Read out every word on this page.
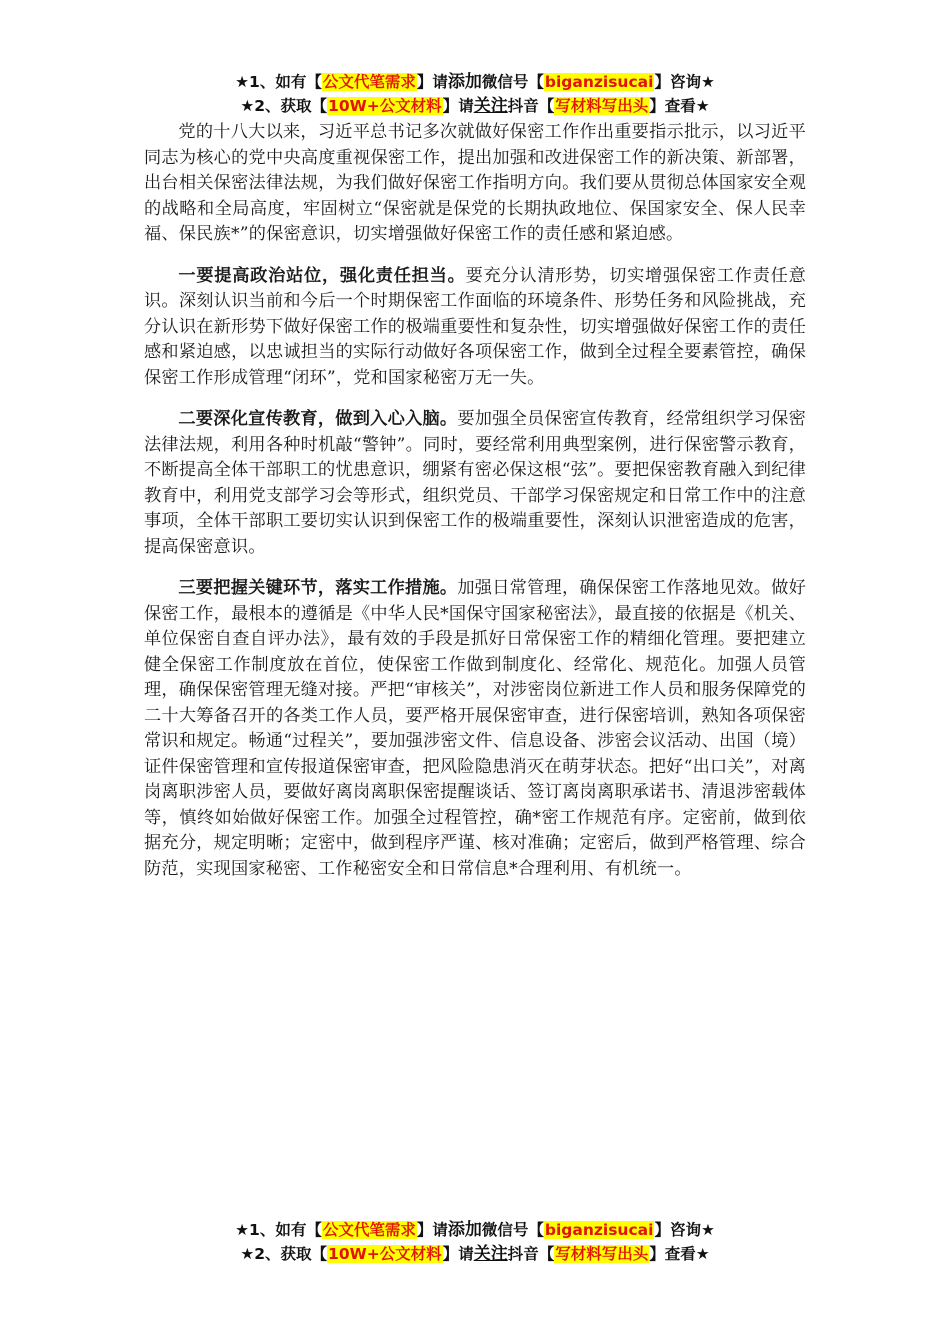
★1、如有【公文代笔需求】请添加微信号【biganzisucai】咨询★
★2、获取【10W+公文材料】请关注抖音【写材料写出头】查看★

党的十八大以来，习近平总书记多次就做好保密工作作出重要指示批示，以习近平同志为核心的党中央高度重视保密工作，提出加强和改进保密工作的新决策、新部署，出台相关保密法律法规，为我们做好保密工作指明方向。我们要从贯彻总体国家安全观的战略和全局高度，牢固树立“保密就是保党的长期执政地位、保国家安全、保人民幸福、保民族*”的保密意识，切实增强做好保密工作的责任感和紧迫感。

一要提高政治站位，强化责任担当。要充分认清形势，切实增强保密工作责任意识。深刻认识当前和今后一个时期保密工作面临的环境条件、形势任务和风险挑战，充分认识在新形势下做好保密工作的极端重要性和复杂性，切实增强做好保密工作的责任感和紧迫感，以忠诚担当的实际行动做好各项保密工作，做到全过程全要素管控，确保保密工作形成管理“闭环”，党和国家秘密万无一失。

二要深化宣传教育，做到入心入脑。要加强全员保密宣传教育，经常组织学习保密法律法规，利用各种时机敲“警钟”。同时，要经常利用典型案例，进行保密警示教育，不断提高全体干部职工的忧患意识，绷紧有密必保这根“弦”。要把保密教育融入到纪律教育中，利用党支部学习会等形式，组织党员、干部学习保密规定和日常工作中的注意事项，全体干部职工要切实认识到保密工作的极端重要性，深刻认识泄密造成的危害，提高保密意识。

三要把握关键环节，落实工作措施。加强日常管理，确保保密工作落地见效。做好保密工作，最根本的遵循是《中华人民*国保守国家秘密法》，最直接的依据是《机关、单位保密自查自评办法》，最有效的手段是抓好日常保密工作的精细化管理。要把建立健全保密工作制度放在首位，使保密工作做到制度化、经常化、规范化。加强人员管理，确保保密管理无缝对接。严把“审核关”，对涉密岗位新进工作人员和服务保障党的二十大筹备召开的各类工作人员，要严格开展保密审查，进行保密培训，熟知各项保密常识和规定。畅通“过程关”，要加强涉密文件、信息设备、涉密会议活动、出国（境）证件保密管理和宣传报道保密审查，把风险隐患消灭在萌芽状态。把好“出口关”，对离岗离职涉密人员，要做好离岗离职保密提醒谈话、签订离岗离职承诺书、清退涉密载体等，慎终如始做好保密工作。加强全过程管控，确*密工作规范有序。定密前，做到依据充分，规定明晰；定密中，做到程序严谨、核对准确；定密后，做到严格管理、综合防范，实现国家秘密、工作秘密安全和日常信息*合理利用、有机统一。

★1、如有【公文代笔需求】请添加微信号【biganzisucai】咨询★
★2、获取【10W+公文材料】请关注抖音【写材料写出头】查看★
